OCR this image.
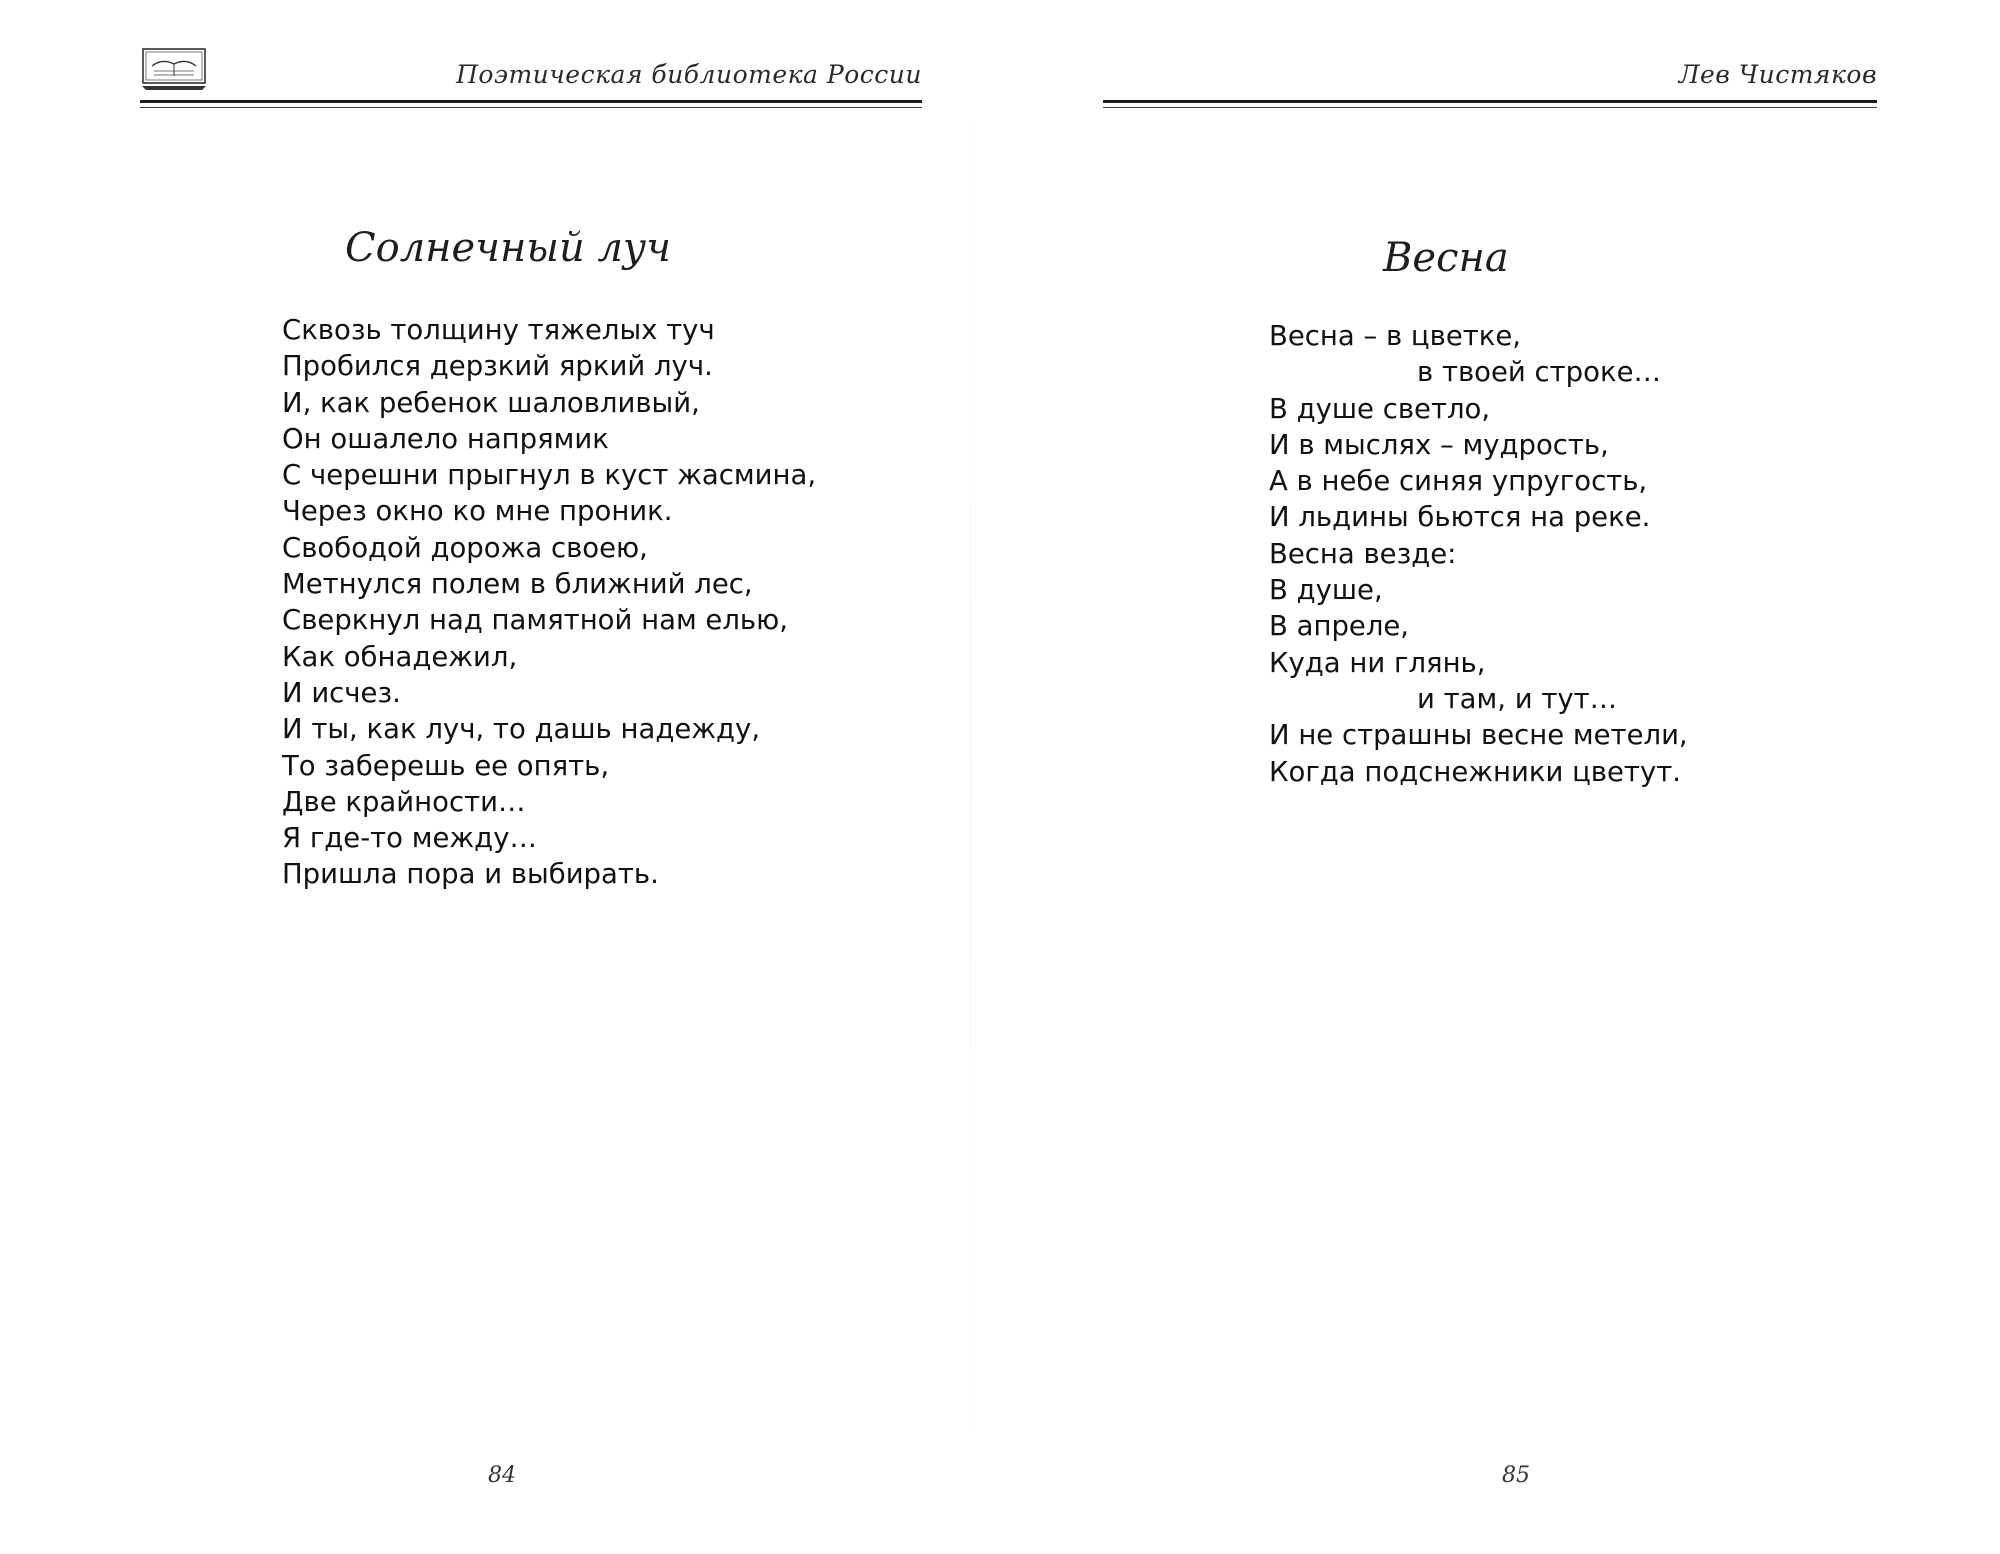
Поэтическая библиотека России
Солнечный луч
Сквозь толщину тяжелых туч
Пробился дерзкий яркий луч.
И, как ребенок шаловливый,
Он ошалело напрямик
С черешни прыгнул в куст жасмина,
Через окно ко мне проник.
Свободой дорожа своею,
Метнулся полем в ближний лес,
Сверкнул над памятной нам елью,
Как обнадежил,
И исчез.
И ты, как луч, то дашь надежду,
То заберешь ее опять,
Две крайности…
Я где-то между…
Пришла пора и выбирать.
84
Лев Чистяков
Весна
Весна – в цветке,
в твоей строке…
В душе светло,
И в мыслях – мудрость,
А в небе синяя упругость,
И льдины бьются на реке.
Весна везде:
В душе,
В апреле,
Куда ни глянь,
и там, и тут…
И не страшны весне метели,
Когда подснежники цветут.
85
